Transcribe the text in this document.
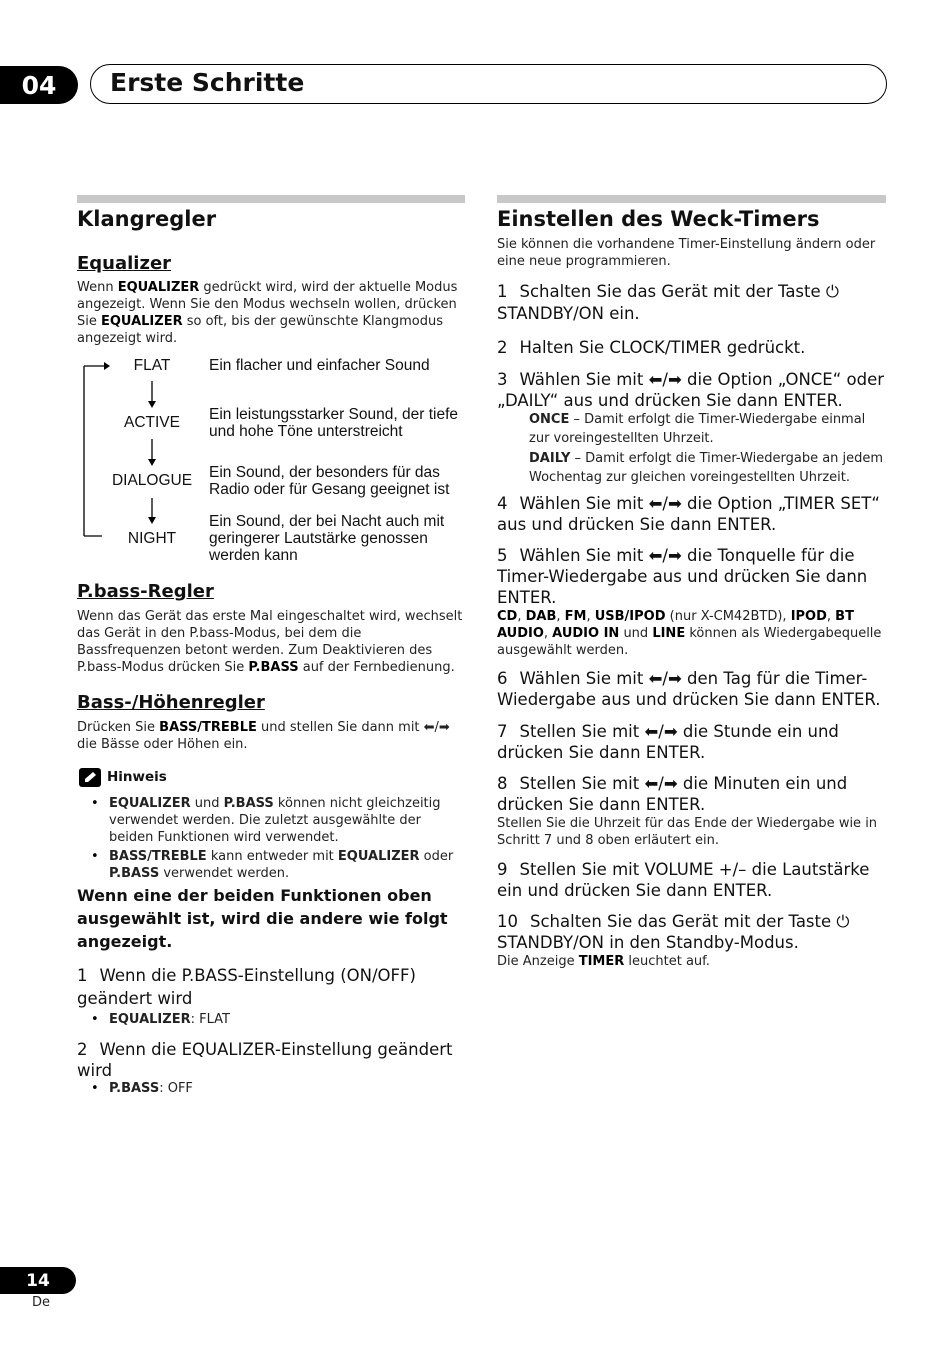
04	Erste Schritte
Klangregler
Equalizer

Wenn EQUALIZER gedrückt wird, wird der aktuelle Modus angezeigt. Wenn Sie den Modus wechseln wollen, drücken Sie EQUALIZER so oft, bis der gewünschte Klangmodus angezeigt wird.

FLAT
ACTIVE
DIALOGUE
NIGHT
Ein flacher und einfacher Sound
Ein leistungsstarker Sound, der tiefe und hohe Töne unterstreicht
Ein Sound, der besonders für das Radio oder für Gesang geeignet ist
Ein Sound, der bei Nacht auch mit geringerer Lautstärke genossen werden kann
P.bass-Regler

Wenn das Gerät das erste Mal eingeschaltet wird, wechselt das Gerät in den P.bass-Modus, bei dem die Bassfrequenzen betont werden. Zum Deaktivieren des P.bass-Modus drücken Sie P.BASS auf der Fernbedienung.

Bass-/Höhenregler

Drücken Sie BASS/TREBLE und stellen Sie dann mit ⬅/➡ die Bässe oder Höhen ein.

Hinweis
• EQUALIZER und P.BASS können nicht gleichzeitig verwendet werden. Die zuletzt ausgewählte der beiden Funktionen wird verwendet.
• BASS/TREBLE kann entweder mit EQUALIZER oder P.BASS verwendet werden.

Wenn eine der beiden Funktionen oben ausgewählt ist, wird die andere wie folgt angezeigt.

1 Wenn die P.BASS-Einstellung (ON/OFF) geändert wird

• EQUALIZER: FLAT

2 Wenn die EQUALIZER-Einstellung geändert wird

• P.BASS: OFF
Einstellen des Weck-Timers

Sie können die vorhandene Timer-Einstellung ändern oder eine neue programmieren.

1 Schalten Sie das Gerät mit der Taste ⏻ STANDBY/ON ein.

2 Halten Sie CLOCK/TIMER gedrückt.

3 Wählen Sie mit ⬅/➡ die Option „ONCE“ oder „DAILY“ aus und drücken Sie dann ENTER.

ONCE – Damit erfolgt die Timer-Wiedergabe einmal zur voreingestellten Uhrzeit.

DAILY – Damit erfolgt die Timer-Wiedergabe an jedem Wochentag zur gleichen voreingestellten Uhrzeit.

4 Wählen Sie mit ⬅/➡ die Option „TIMER SET“ aus und drücken Sie dann ENTER.

5 Wählen Sie mit ⬅/➡ die Tonquelle für die Timer-Wiedergabe aus und drücken Sie dann ENTER.

CD, DAB, FM, USB/IPOD (nur X-CM42BTD), IPOD, BT AUDIO, AUDIO IN und LINE können als Wiedergabequelle ausgewählt werden.

6 Wählen Sie mit ⬅/➡ den Tag für die Timer-Wiedergabe aus und drücken Sie dann ENTER.

7 Stellen Sie mit ⬅/➡ die Stunde ein und drücken Sie dann ENTER.

8 Stellen Sie mit ⬅/➡ die Minuten ein und drücken Sie dann ENTER.

Stellen Sie die Uhrzeit für das Ende der Wiedergabe wie in Schritt 7 und 8 oben erläutert ein.

9 Stellen Sie mit VOLUME +/– die Lautstärke ein und drücken Sie dann ENTER.

10 Schalten Sie das Gerät mit der Taste ⏻ STANDBY/ON in den Standby-Modus.

Die Anzeige TIMER leuchtet auf.

14
De
